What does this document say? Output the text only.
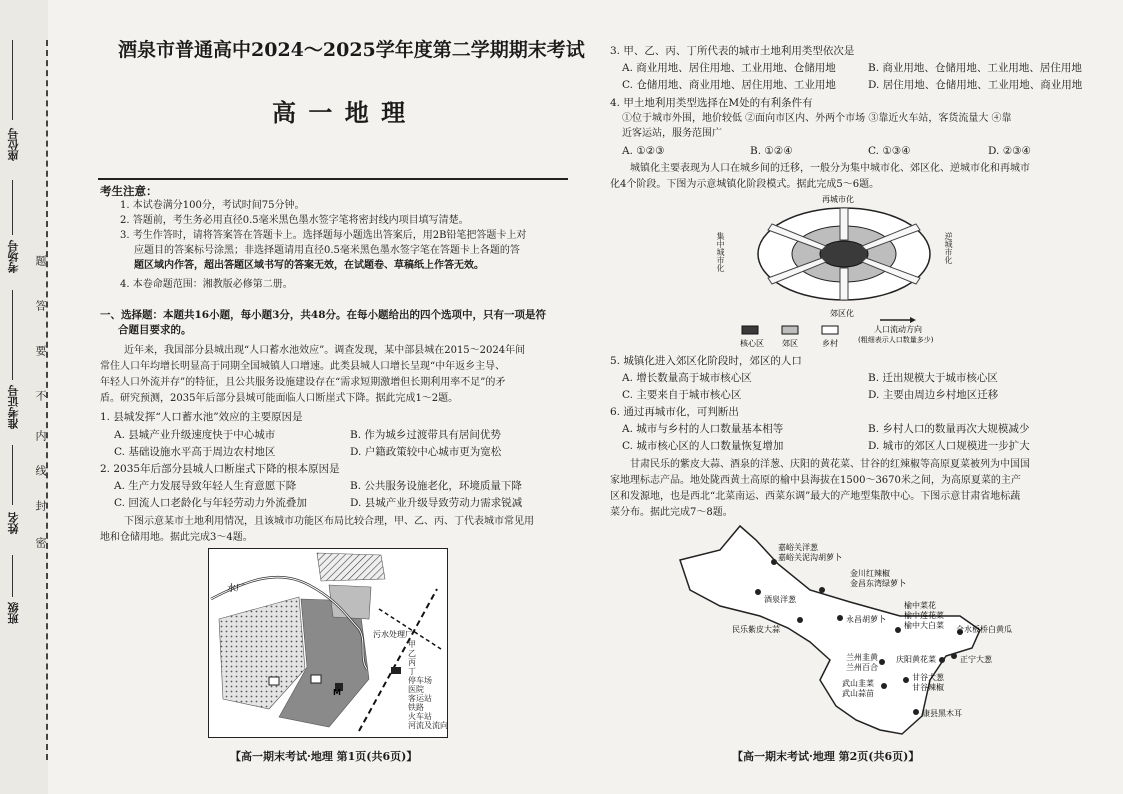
座位号
考场号
准考证号
姓名
班级
题
答
要
不
内
线
封
密
酒泉市普通高中2024～2025学年度第二学期期末考试
高 一 地 理
考生注意：
1. 本试卷满分100分，考试时间75分钟。
2. 答题前，考生务必用直径0.5毫米黑色墨水签字笔将密封线内项目填写清楚。
3. 考生作答时，请将答案答在答题卡上。选择题每小题选出答案后，用2B铅笔把答题卡上对
应题目的答案标号涂黑；非选择题请用直径0.5毫米黑色墨水签字笔在答题卡上各题的答
题区域内作答，超出答题区域书写的答案无效，在试题卷、草稿纸上作答无效。
4. 本卷命题范围：湘教版必修第二册。
一、选择题：本题共16小题，每小题3分，共48分。在每小题给出的四个选项中，只有一项是符
合题目要求的。
近年来，我国部分县城出现“人口蓄水池效应”。调查发现，某中部县城在2015～2024年间
常住人口年均增长明显高于同期全国城镇人口增速。此类县城人口增长呈现“中年返乡主导、
年轻人口外流并存”的特征，且公共服务设施建设存在“需求短期激增但长期利用率不足”的矛
盾。研究预测，2035年后部分县城可能面临人口断崖式下降。据此完成1～2题。
1. 县城发挥“人口蓄水池”效应的主要原因是
A. 县城产业升级速度快于中心城市	B. 作为城乡过渡带具有居间优势
C. 基础设施水平高于周边农村地区	D. 户籍政策较中心城市更为宽松
2. 2035年后部分县城人口断崖式下降的根本原因是
A. 生产力发展导致年轻人生育意愿下降	B. 公共服务设施老化，环境质量下降
C. 回流人口老龄化与年轻劳动力外流叠加	D. 县城产业升级导致劳动力需求锐减
下图示意某市土地利用情况，且该城市功能区布局比较合理，甲、乙、丙、丁代表城市常见用
地和仓储用地。据此完成3～4题。
水厂
污水处理厂
M
甲
乙
丙
丁
停车场
医院
客运站
铁路
火车站
河流及流向
【高一期末考试·地理 第1页(共6页)】
3. 甲、乙、丙、丁所代表的城市土地利用类型依次是
A. 商业用地、居住用地、工业用地、仓储用地	B. 商业用地、仓储用地、工业用地、居住用地
C. 仓储用地、商业用地、居住用地、工业用地	D. 居住用地、仓储用地、工业用地、商业用地
4. 甲土地利用类型选择在M处的有利条件有
①位于城市外围，地价较低 ②面向市区内、外两个市场 ③靠近火车站，客货流量大 ④靠
近客运站，服务范围广
A. ①②③	B. ①②④	C. ①③④	D. ②③④
城镇化主要表现为人口在城乡间的迁移，一般分为集中城市化、郊区化、逆城市化和再城市
化4个阶段。下图为示意城镇化阶段模式。据此完成5～6题。
再城市化
郊区化
核心区 郊区	乡村
人口流动方向
(粗细表示人口数量多少)
集中城市化	逆城市化
5. 城镇化进入郊区化阶段时，郊区的人口
A. 增长数量高于城市核心区	B. 迁出规模大于城市核心区
C. 主要来自于城市核心区	D. 主要由周边乡村地区迁移
6. 通过再城市化，可判断出
A. 城市与乡村的人口数量基本相等	B. 乡村人口的数量再次大规模减少
C. 城市核心区的人口数量恢复增加	D. 城市的郊区人口规模进一步扩大
甘肃民乐的紫皮大蒜、酒泉的洋葱、庆阳的黄花菜、甘谷的红辣椒等高原夏菜被列为中国国
家地理标志产品。地处陇西黄土高原的榆中县海拔在1500～3670米之间，为高原夏菜的主产
区和发源地，也是西北“北菜南运、西菜东调”最大的产地型集散中心。下图示意甘肃省地标蔬
菜分布。据此完成7～8题。
嘉峪关洋葱
嘉峪关泥沟胡萝卜
金川红辣椒
金昌东湾绿萝卜
酒泉洋葱
民乐紫皮大蒜
永昌胡萝卜
榆中菜花
榆中莲花菜
榆中大白菜 合水板桥白黄瓜
兰州韭黄
兰州百合
庆阳黄花菜	正宁大葱
武山韭菜
武山蒜苗
甘谷大葱
甘谷辣椒
康县黑木耳
【高一期末考试·地理 第2页(共6页)】
